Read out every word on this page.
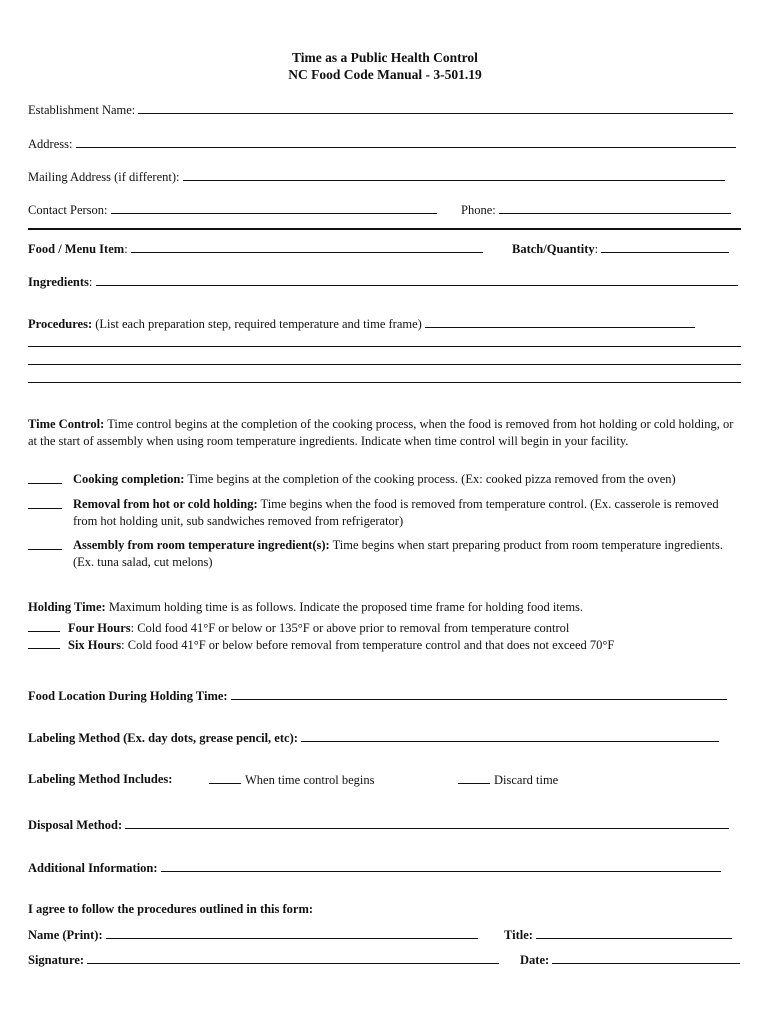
Time as a Public Health Control
NC Food Code Manual - 3-501.19
Establishment Name:
Address:
Mailing Address (if different):
Contact Person:	Phone:
Food / Menu Item:	Batch/Quantity:
Ingredients:
Procedures: (List each preparation step, required temperature and time frame)
Time Control: Time control begins at the completion of the cooking process, when the food is removed from hot holding or cold holding, or at the start of assembly when using room temperature ingredients. Indicate when time control will begin in your facility.
Cooking completion: Time begins at the completion of the cooking process. (Ex: cooked pizza removed from the oven)
Removal from hot or cold holding: Time begins when the food is removed from temperature control. (Ex. casserole is removed from hot holding unit, sub sandwiches removed from refrigerator)
Assembly from room temperature ingredient(s): Time begins when start preparing product from room temperature ingredients. (Ex. tuna salad, cut melons)
Holding Time: Maximum holding time is as follows. Indicate the proposed time frame for holding food items.
Four Hours: Cold food 41°F or below or 135°F or above prior to removal from temperature control
Six Hours: Cold food 41°F or below before removal from temperature control and that does not exceed 70°F
Food Location During Holding Time:
Labeling Method (Ex. day dots, grease pencil, etc):
Labeling Method Includes:	When time control begins	Discard time
Disposal Method:
Additional Information:
I agree to follow the procedures outlined in this form:
Name (Print):	Title:
Signature:	Date:
